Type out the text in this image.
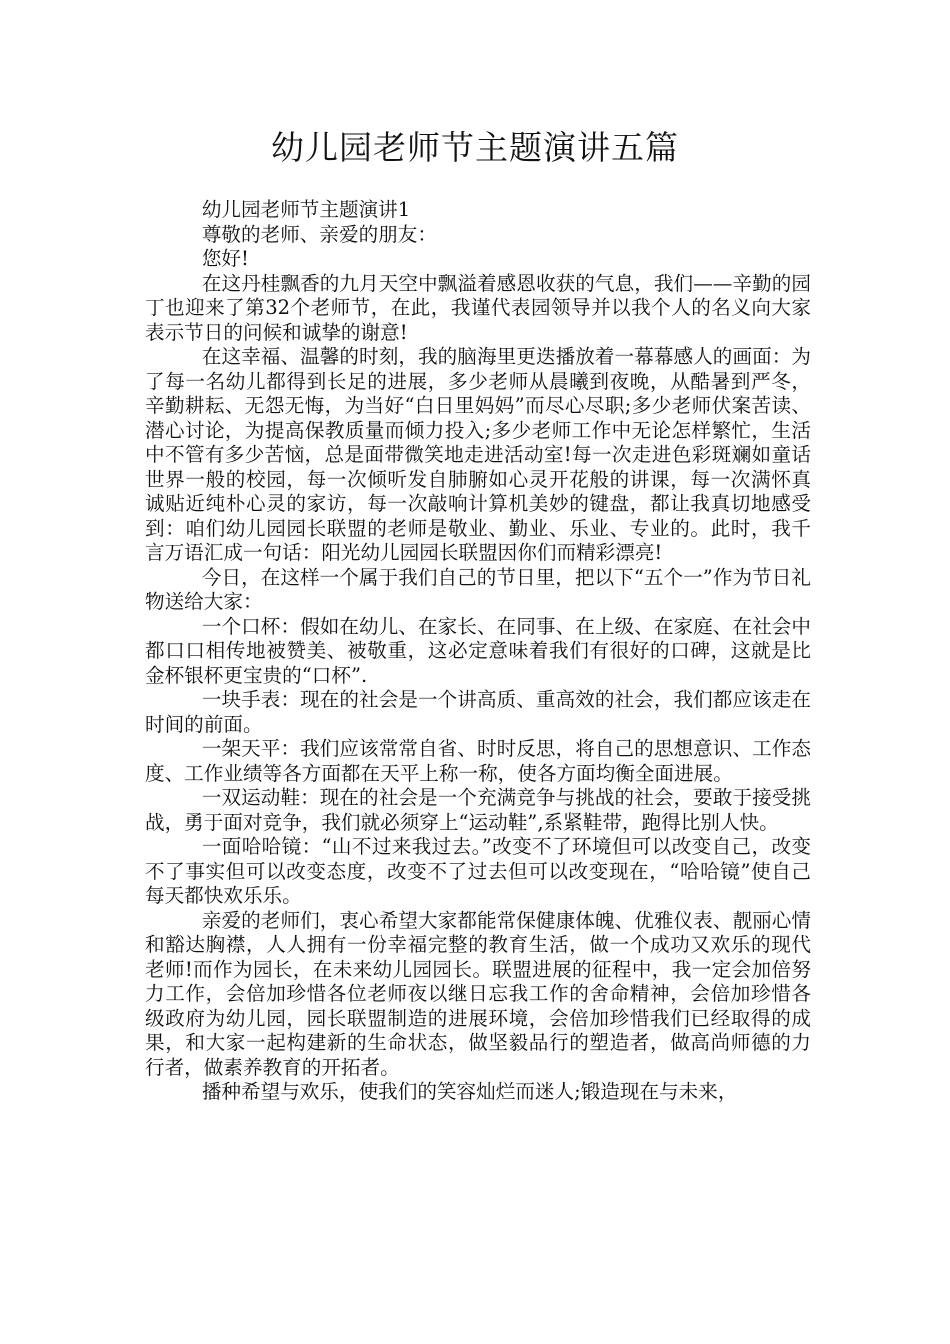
幼儿园老师节主题演讲五篇

幼儿园老师节主题演讲1

尊敬的老师、亲爱的朋友：

您好!

在这丹桂飘香的九月天空中飘溢着感恩收获的气息，我们——辛勤的园丁也迎来了第32个老师节，在此，我谨代表园领导并以我个人的名义向大家表示节日的问候和诚挚的谢意!

在这幸福、温馨的时刻，我的脑海里更迭播放着一幕幕感人的画面：为了每一名幼儿都得到长足的进展，多少老师从晨曦到夜晚，从酷暑到严冬，辛勤耕耘、无怨无悔，为当好“白日里妈妈”而尽心尽职;多少老师伏案苦读、潜心讨论，为提高保教质量而倾力投入;多少老师工作中无论怎样繁忙，生活中不管有多少苦恼，总是面带微笑地走进活动室!每一次走进色彩斑斓如童话世界一般的校园，每一次倾听发自肺腑如心灵开花般的讲课，每一次满怀真诚贴近纯朴心灵的家访，每一次敲响计算机美妙的键盘，都让我真切地感受到：咱们幼儿园园长联盟的老师是敬业、勤业、乐业、专业的。此时，我千言万语汇成一句话：阳光幼儿园园长联盟因你们而精彩漂亮!

今日，在这样一个属于我们自己的节日里，把以下“五个一”作为节日礼物送给大家：

一个口杯：假如在幼儿、在家长、在同事、在上级、在家庭、在社会中都口口相传地被赞美、被敬重，这必定意味着我们有很好的口碑，这就是比金杯银杯更宝贵的“口杯”.

一块手表：现在的社会是一个讲高质、重高效的社会，我们都应该走在时间的前面。

一架天平：我们应该常常自省、时时反思，将自己的思想意识、工作态度、工作业绩等各方面都在天平上称一称，使各方面均衡全面进展。

一双运动鞋：现在的社会是一个充满竞争与挑战的社会，要敢于接受挑战，勇于面对竞争，我们就必须穿上“运动鞋”,系紧鞋带，跑得比别人快。

一面哈哈镜：“山不过来我过去。”改变不了环境但可以改变自己，改变不了事实但可以改变态度，改变不了过去但可以改变现在，“哈哈镜”使自己每天都快欢乐乐。

亲爱的老师们，衷心希望大家都能常保健康体魄、优雅仪表、靓丽心情和豁达胸襟，人人拥有一份幸福完整的教育生活，做一个成功又欢乐的现代老师!而作为园长，在未来幼儿园园长。联盟进展的征程中，我一定会加倍努力工作，会倍加珍惜各位老师夜以继日忘我工作的舍命精神，会倍加珍惜各级政府为幼儿园，园长联盟制造的进展环境，会倍加珍惜我们已经取得的成果，和大家一起构建新的生命状态，做坚毅品行的塑造者，做高尚师德的力行者，做素养教育的开拓者。

播种希望与欢乐，使我们的笑容灿烂而迷人;锻造现在与未来，
